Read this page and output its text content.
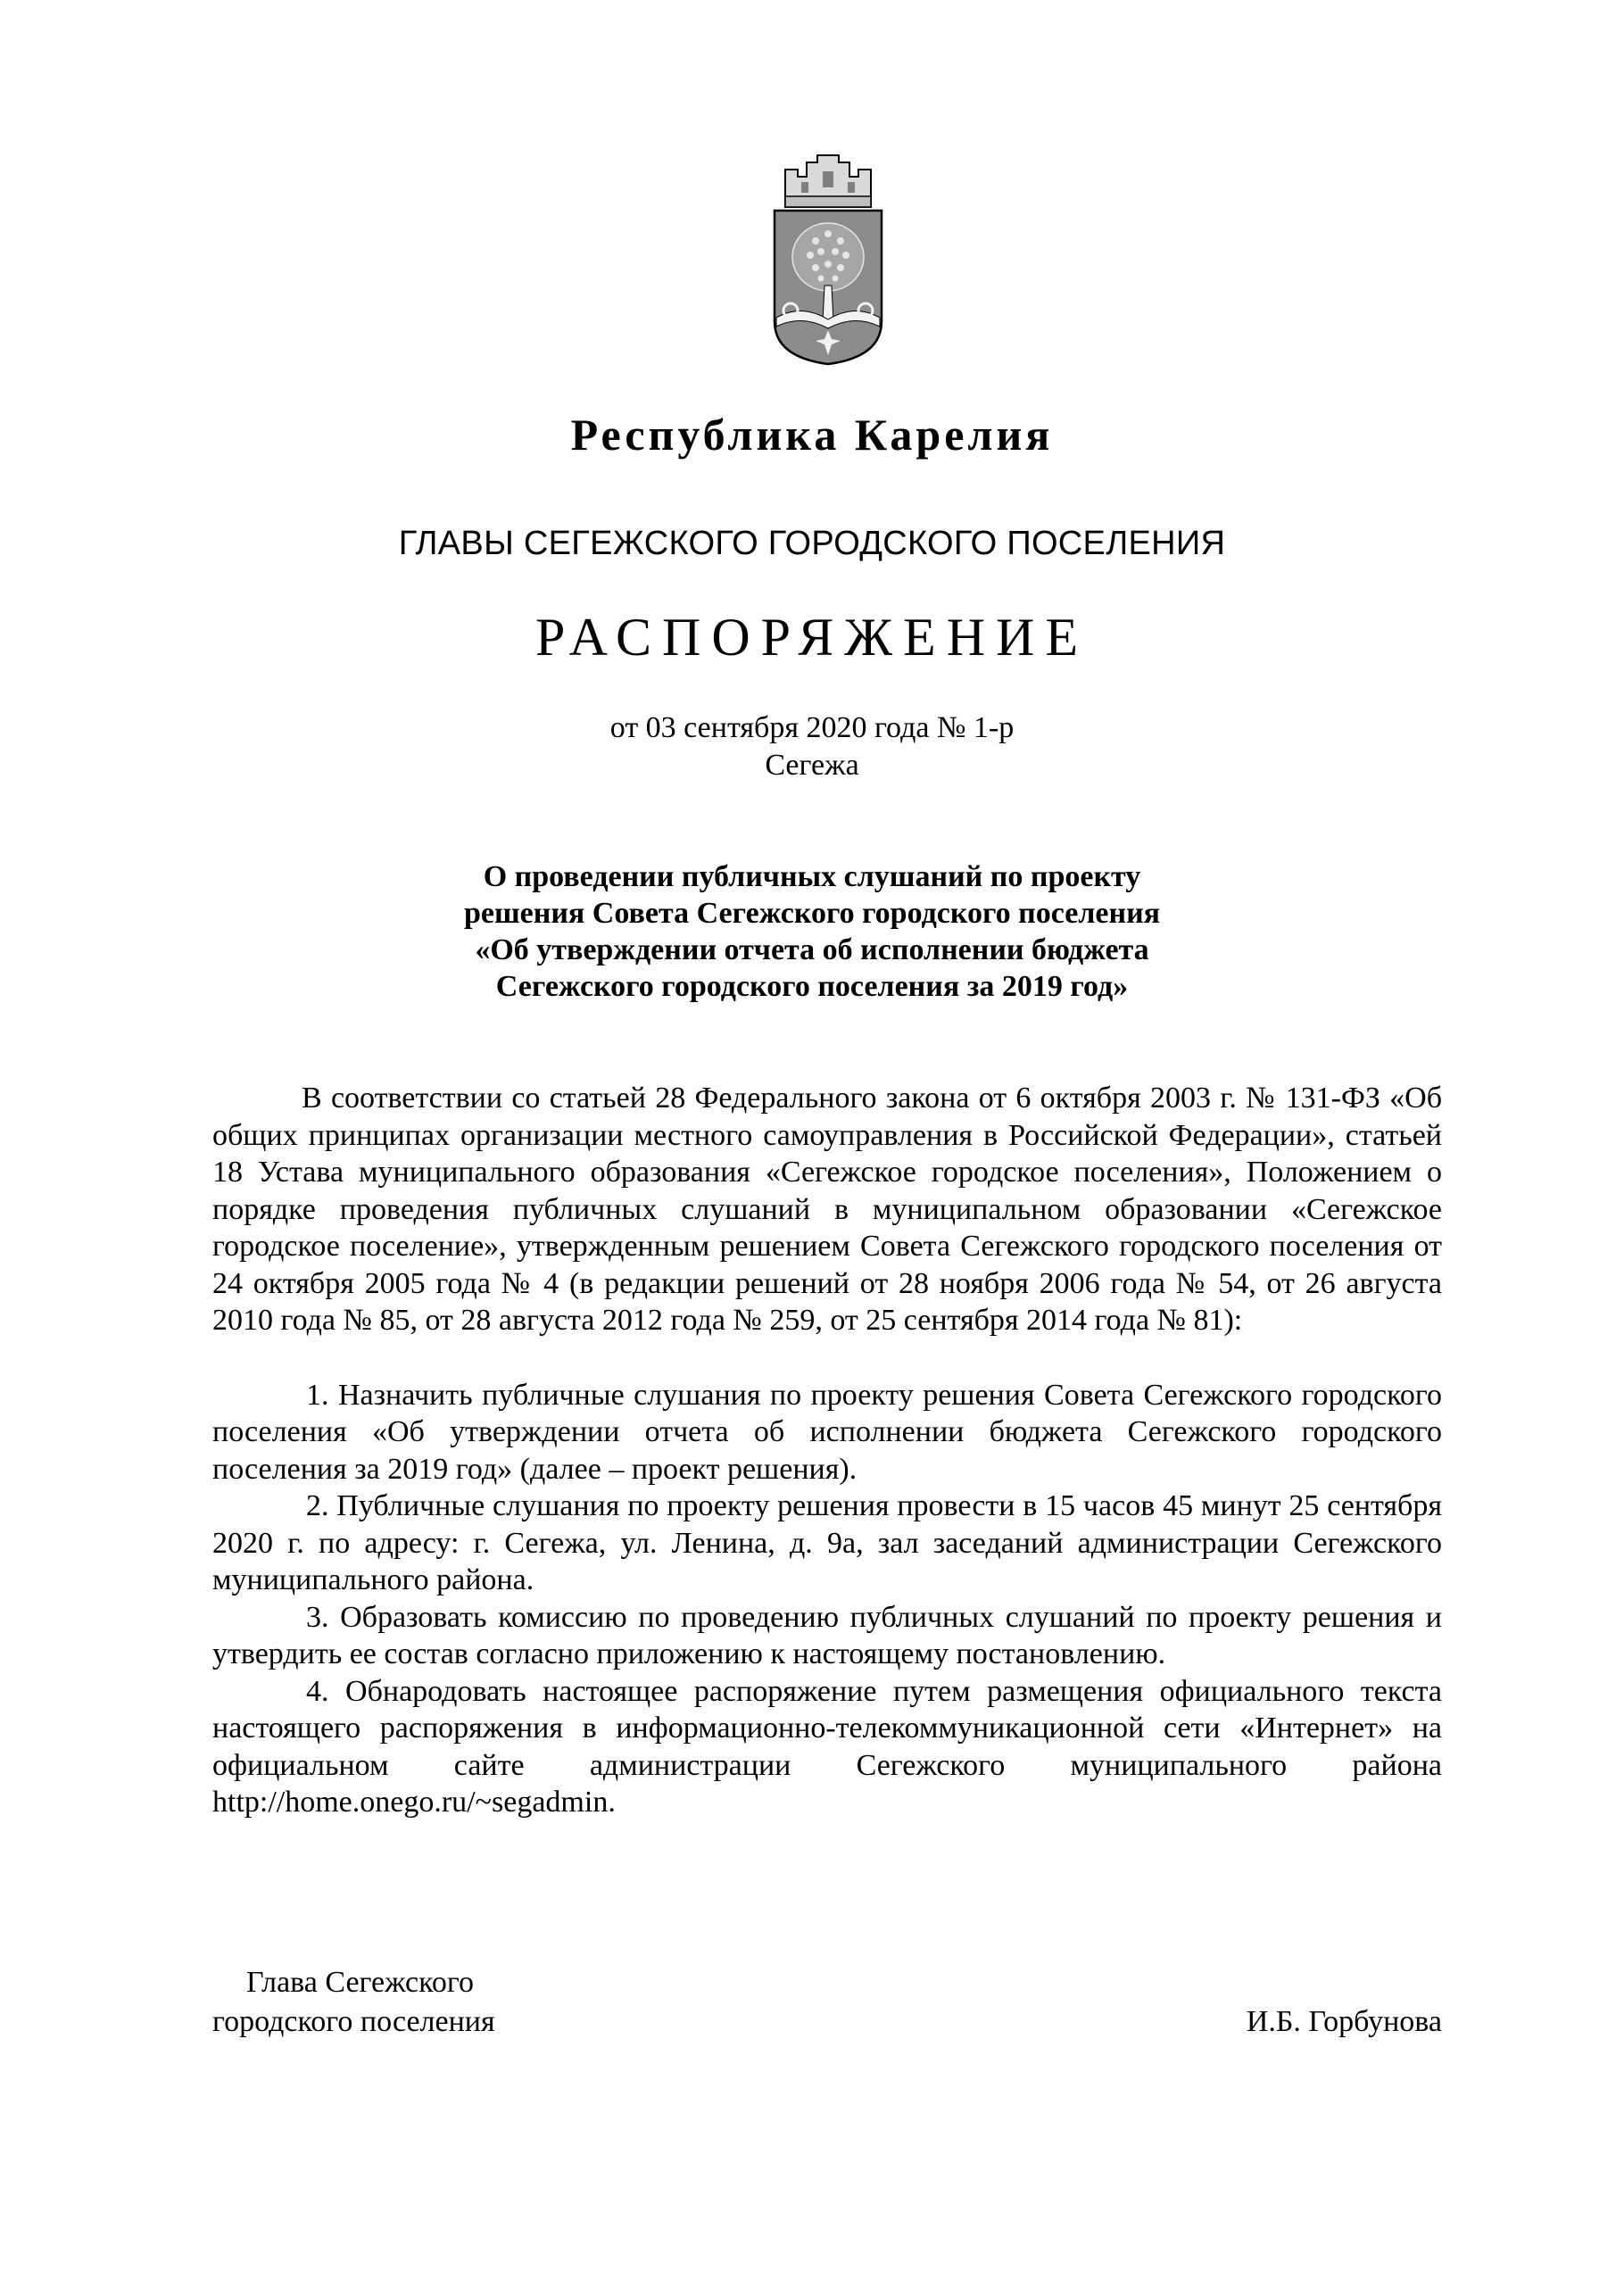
Республика Карелия
ГЛАВЫ СЕГЕЖСКОГО ГОРОДСКОГО ПОСЕЛЕНИЯ
РАСПОРЯЖЕНИЕ
от 03 сентября 2020 года № 1-р
Сегежа
О проведении публичных слушаний по проекту
решения Совета Сегежского городского поселения
«Об утверждении отчета об исполнении бюджета
Сегежского городского поселения за 2019 год»

В соответствии со статьей 28 Федерального закона от 6 октября 2003 г. № 131-ФЗ «Об общих принципах организации местного самоуправления в Российской Федерации», статьей 18 Устава муниципального образования «Сегежское городское поселения», Положением о порядке проведения публичных слушаний в муниципальном образовании «Сегежское городское поселение», утвержденным решением Совета Сегежского городского поселения от 24 октября 2005 года № 4 (в редакции решений от 28 ноября 2006 года № 54, от 26 августа 2010 года № 85, от 28 августа 2012 года № 259, от 25 сентября 2014 года № 81):

1. Назначить публичные слушания по проекту решения Совета Сегежского городского поселения «Об утверждении отчета об исполнении бюджета Сегежского городского поселения за 2019 год» (далее – проект решения).

2. Публичные слушания по проекту решения провести в 15 часов 45 минут 25 сентября 2020 г. по адресу: г. Сегежа, ул. Ленина, д. 9а, зал заседаний администрации Сегежского муниципального района.

3. Образовать комиссию по проведению публичных слушаний по проекту решения и утвердить ее состав согласно приложению к настоящему постановлению.

4. Обнародовать настоящее распоряжение путем размещения официального текста настоящего распоряжения в информационно-телекоммуникационной сети «Интернет» на официальном сайте администрации Сегежского муниципального района http://home.onego.ru/~segadmin.

Глава Сегежского
городского поселения	И.Б. Горбунова
